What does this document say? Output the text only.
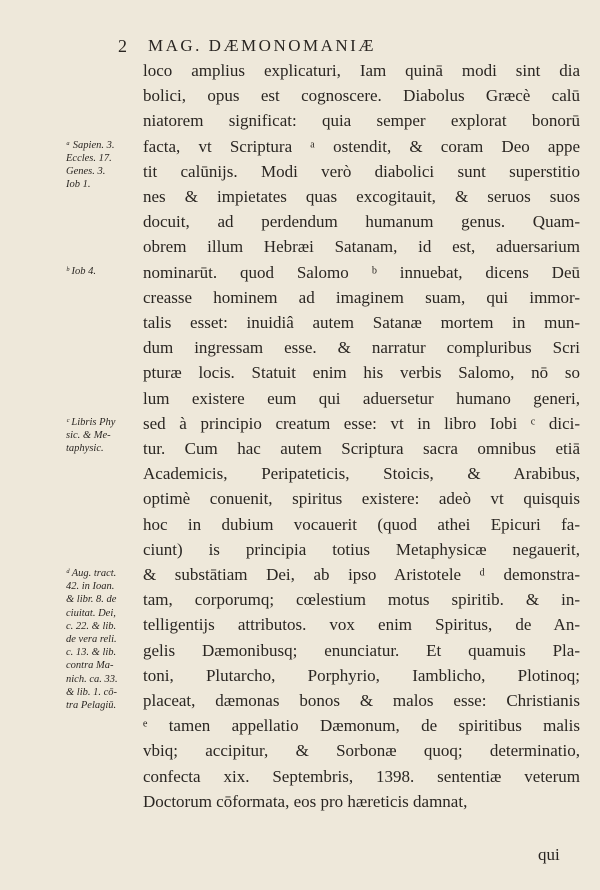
2 MAG. DÆMONOMANIÆ
ᵃ Sapien. 3.
Eccles. 17.
Genes. 3.
Iob 1.
ᵇ Iob 4.
ᶜ Libris Phy
sic. & Me-
taphysic.
ᵈ Aug. tract.
42. in Ioan.
& libr. 8. de
ciuitat. Dei,
c. 22. & lib.
de vera reli.
c. 13. & lib.
contra Ma-
nich. ca. 33.
& lib. 1. cō-
tra Pelagiū.
loco amplius explicaturi, Iam quinā modi sint dia
bolici, opus est cognoscere. Diabolus Græcè calū
niatorem significat: quia semper explorat bonorū
facta, vt Scriptura ᵃ ostendit, & coram Deo appe
tit calūnijs. Modi verò diabolici sunt superstitio
nes & impietates quas excogitauit, & seruos suos
docuit, ad perdendum humanum genus. Quam-
obrem illum Hebræi Satanam, id est, aduersarium
nominarūt. quod Salomo ᵇ innuebat, dicens Deū
creasse hominem ad imaginem suam, qui immor-
talis esset: inuidiâ autem Satanæ mortem in mun-
dum ingressam esse. & narratur compluribus Scri
pturæ locis. Statuit enim his verbis Salomo, nō so
lum existere eum qui aduersetur humano generi,
sed à principio creatum esse: vt in libro Iobi ᶜ dici-
tur. Cum hac autem Scriptura sacra omnibus etiā
Academicis, Peripateticis, Stoicis, & Arabibus,
optimè conuenit, spiritus existere: adeò vt quisquis
hoc in dubium vocauerit (quod athei Epicuri fa-
ciunt) is principia totius Metaphysicæ negauerit,
& substātiam Dei, ab ipso Aristotele ᵈ demonstra-
tam, corporumq; cœlestium motus spiritib. & in-
telligentijs attributos. vox enim Spiritus, de An-
gelis Dæmonibusq; enunciatur. Et quamuis Pla-
toni, Plutarcho, Porphyrio, Iamblicho, Plotinoq;
placeat, dæmonas bonos & malos esse: Christianis
ᵉ tamen appellatio Dæmonum, de spiritibus malis
vbiq; accipitur, & Sorbonæ quoq; determinatio,
confecta xix. Septembris, 1398. sententiæ veterum
Doctorum cōformata, eos pro hæreticis damnat,
qui
